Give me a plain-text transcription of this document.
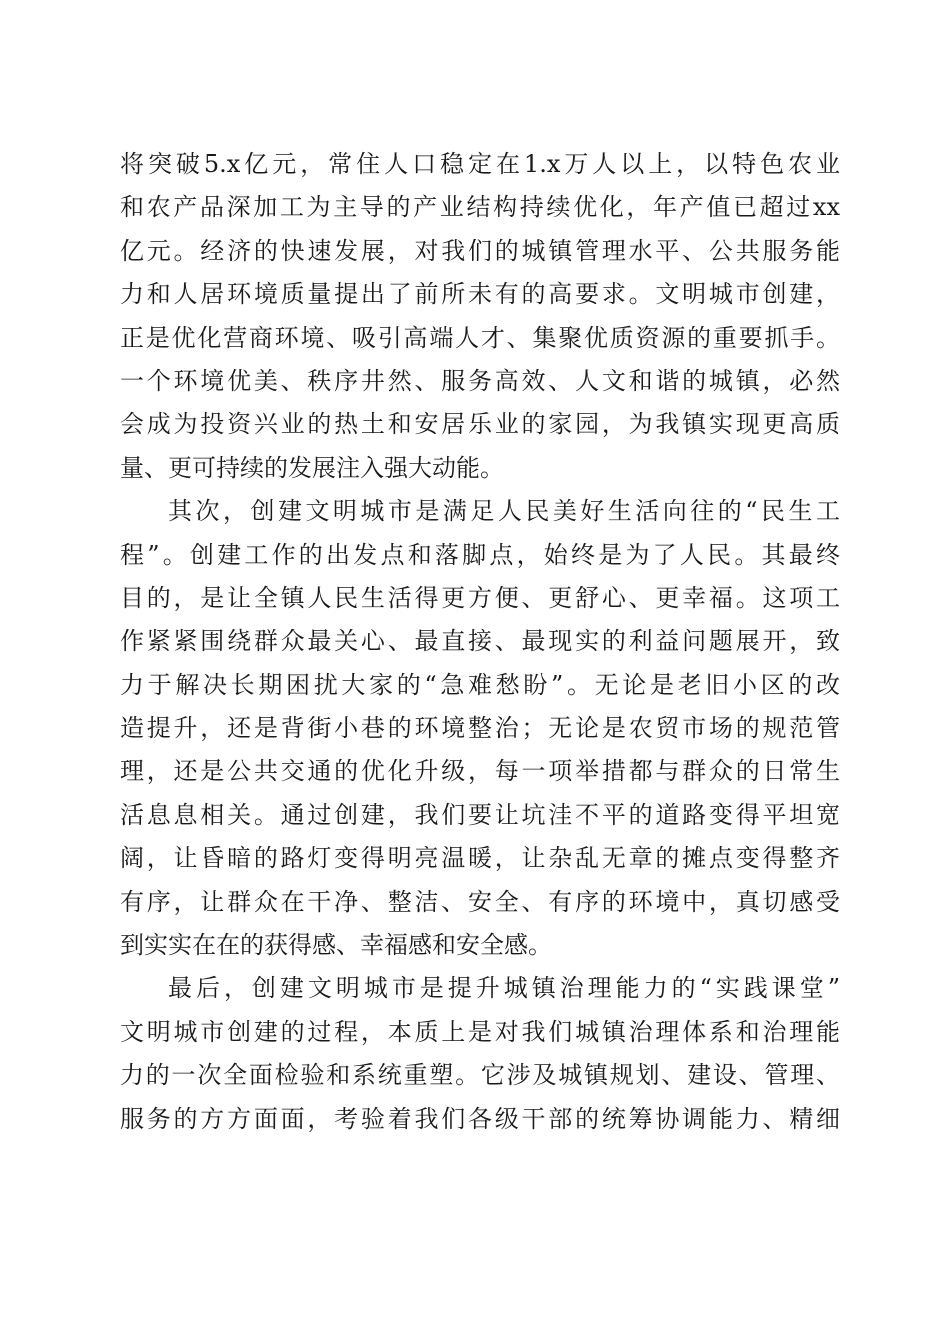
将突破5.x亿元，常住人口稳定在1.x万人以上，以特色农业
和农产品深加工为主导的产业结构持续优化，年产值已超过xx
亿元。经济的快速发展，对我们的城镇管理水平、公共服务能
力和人居环境质量提出了前所未有的高要求。文明城市创建，
正是优化营商环境、吸引高端人才、集聚优质资源的重要抓手。
一个环境优美、秩序井然、服务高效、人文和谐的城镇，必然
会成为投资兴业的热土和安居乐业的家园，为我镇实现更高质
量、更可持续的发展注入强大动能。
其次，创建文明城市是满足人民美好生活向往的“民生工
程”。创建工作的出发点和落脚点，始终是为了人民。其最终
目的，是让全镇人民生活得更方便、更舒心、更幸福。这项工
作紧紧围绕群众最关心、最直接、最现实的利益问题展开，致
力于解决长期困扰大家的“急难愁盼”。无论是老旧小区的改
造提升，还是背街小巷的环境整治；无论是农贸市场的规范管
理，还是公共交通的优化升级，每一项举措都与群众的日常生
活息息相关。通过创建，我们要让坑洼不平的道路变得平坦宽
阔，让昏暗的路灯变得明亮温暖，让杂乱无章的摊点变得整齐
有序，让群众在干净、整洁、安全、有序的环境中，真切感受
到实实在在的获得感、幸福感和安全感。
最后，创建文明城市是提升城镇治理能力的“实践课堂”
文明城市创建的过程，本质上是对我们城镇治理体系和治理能
力的一次全面检验和系统重塑。它涉及城镇规划、建设、管理、
服务的方方面面，考验着我们各级干部的统筹协调能力、精细
